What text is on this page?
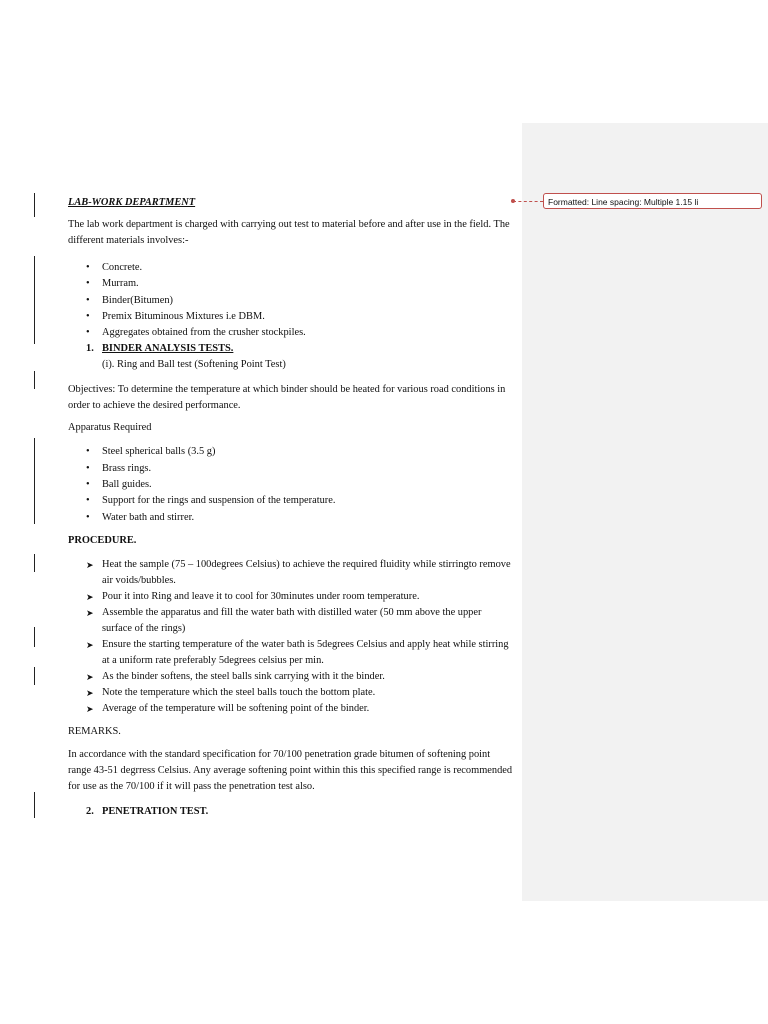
Formatted: Line spacing: Multiple 1.15 li

LAB-WORK DEPARTMENT

The lab work department is charged with carrying out test to material before and after use in the field. The different materials involves:-

• Concrete.
• Murram.
• Binder(Bitumen)
• Premix Bituminous Mixtures i.e DBM.
• Aggregates obtained from the crusher stockpiles.
1. BINDER ANALYSIS TESTS.
(i). Ring and Ball test (Softening Point Test)

Objectives: To determine the temperature at which binder should be heated for various road conditions in order to achieve the desired performance.

Apparatus Required

• Steel spherical balls (3.5 g)
• Brass rings.
• Ball guides.
• Support for the rings and suspension of the temperature.
• Water bath and stirrer.

PROCEDURE.

➤ Heat the sample (75 – 100degrees Celsius) to achieve the required fluidity while stirringto remove air voids/bubbles.
➤ Pour it into Ring and leave it to cool for 30minutes under room temperature.
➤ Assemble the apparatus and fill the water bath with distilled water (50 mm above the upper surface of the rings)
➤ Ensure the starting temperature of the water bath is 5degrees Celsius and apply heat while stirring at a uniform rate preferably 5degrees celsius per min.
➤ As the binder softens, the steel balls sink carrying with it the binder.
➤ Note the temperature which the steel balls touch the bottom plate.
➤ Average of the temperature will be softening point of the binder.

REMARKS.

In accordance with the standard specification for 70/100 penetration grade bitumen of softening point range 43-51 degrress Celsius. Any average softening point within this this specified range is recommended for use as the 70/100 if it will pass the penetration test also.

2. PENETRATION TEST.
